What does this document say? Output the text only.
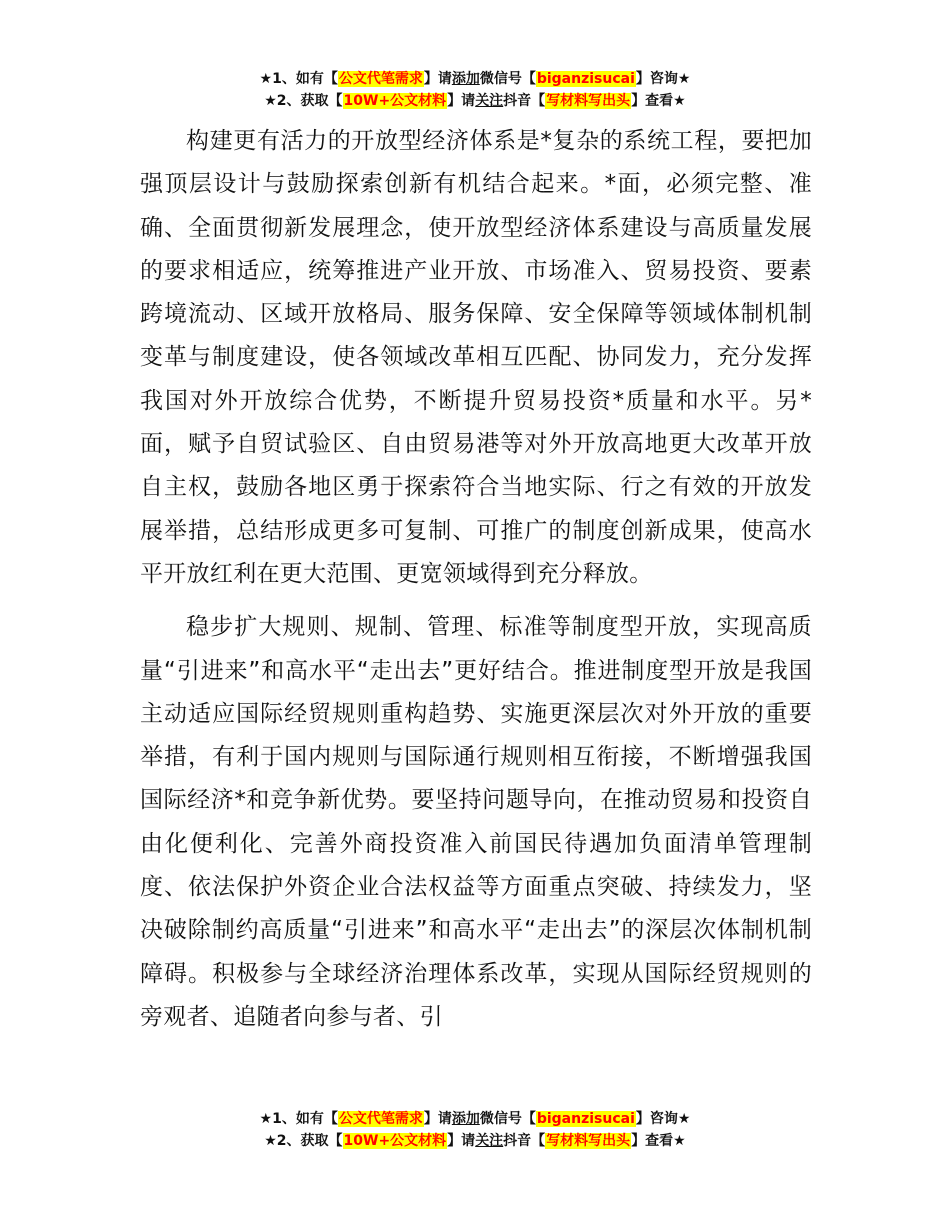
★1、如有【公文代笔需求】请添加微信号【biganzisucai】咨询★
★2、获取【10W+公文材料】请关注抖音【写材料写出头】查看★

构建更有活力的开放型经济体系是*复杂的系统工程，要把加强顶层设计与鼓励探索创新有机结合起来。*面，必须完整、准确、全面贯彻新发展理念，使开放型经济体系建设与高质量发展的要求相适应，统筹推进产业开放、市场准入、贸易投资、要素跨境流动、区域开放格局、服务保障、安全保障等领域体制机制变革与制度建设，使各领域改革相互匹配、协同发力，充分发挥我国对外开放综合优势，不断提升贸易投资*质量和水平。另*面，赋予自贸试验区、自由贸易港等对外开放高地更大改革开放自主权，鼓励各地区勇于探索符合当地实际、行之有效的开放发展举措，总结形成更多可复制、可推广的制度创新成果，使高水平开放红利在更大范围、更宽领域得到充分释放。

稳步扩大规则、规制、管理、标准等制度型开放，实现高质量“引进来”和高水平“走出去”更好结合。推进制度型开放是我国主动适应国际经贸规则重构趋势、实施更深层次对外开放的重要举措，有利于国内规则与国际通行规则相互衔接，不断增强我国国际经济*和竞争新优势。要坚持问题导向，在推动贸易和投资自由化便利化、完善外商投资准入前国民待遇加负面清单管理制度、依法保护外资企业合法权益等方面重点突破、持续发力，坚决破除制约高质量“引进来”和高水平“走出去”的深层次体制机制障碍。积极参与全球经济治理体系改革，实现从国际经贸规则的旁观者、追随者向参与者、引

★1、如有【公文代笔需求】请添加微信号【biganzisucai】咨询★
★2、获取【10W+公文材料】请关注抖音【写材料写出头】查看★
